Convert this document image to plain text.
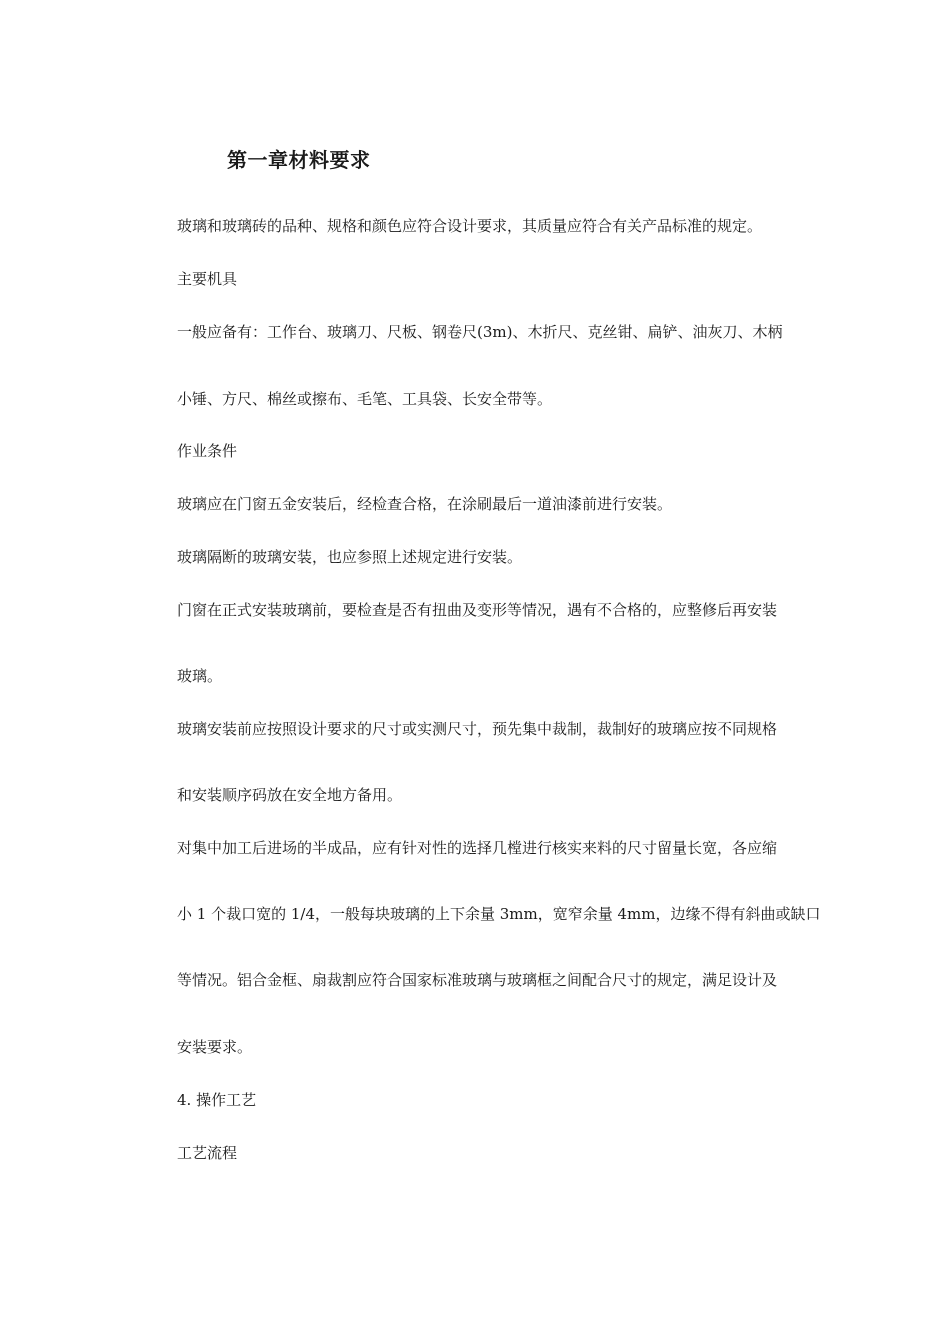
第一章材料要求

玻璃和玻璃砖的品种、规格和颜色应符合设计要求，其质量应符合有关产品标准的规定。

主要机具

一般应备有：工作台、玻璃刀、尺板、钢卷尺(3m)、木折尺、克丝钳、扁铲、油灰刀、木柄

小锤、方尺、棉丝或擦布、毛笔、工具袋、长安全带等。

作业条件

玻璃应在门窗五金安装后，经检查合格，在涂刷最后一道油漆前进行安装。

玻璃隔断的玻璃安装，也应参照上述规定进行安装。

门窗在正式安装玻璃前，要检查是否有扭曲及变形等情况，遇有不合格的，应整修后再安装

玻璃。

玻璃安装前应按照设计要求的尺寸或实测尺寸，预先集中裁制，裁制好的玻璃应按不同规格

和安装顺序码放在安全地方备用。

对集中加工后进场的半成品，应有针对性的选择几樘进行核实来料的尺寸留量长宽，各应缩

小 1 个裁口宽的 1/4，一般每块玻璃的上下余量 3mm，宽窄余量 4mm，边缘不得有斜曲或缺口

等情况。铝合金框、扇裁割应符合国家标准玻璃与玻璃框之间配合尺寸的规定，满足设计及

安装要求。

4. 操作工艺

工艺流程
